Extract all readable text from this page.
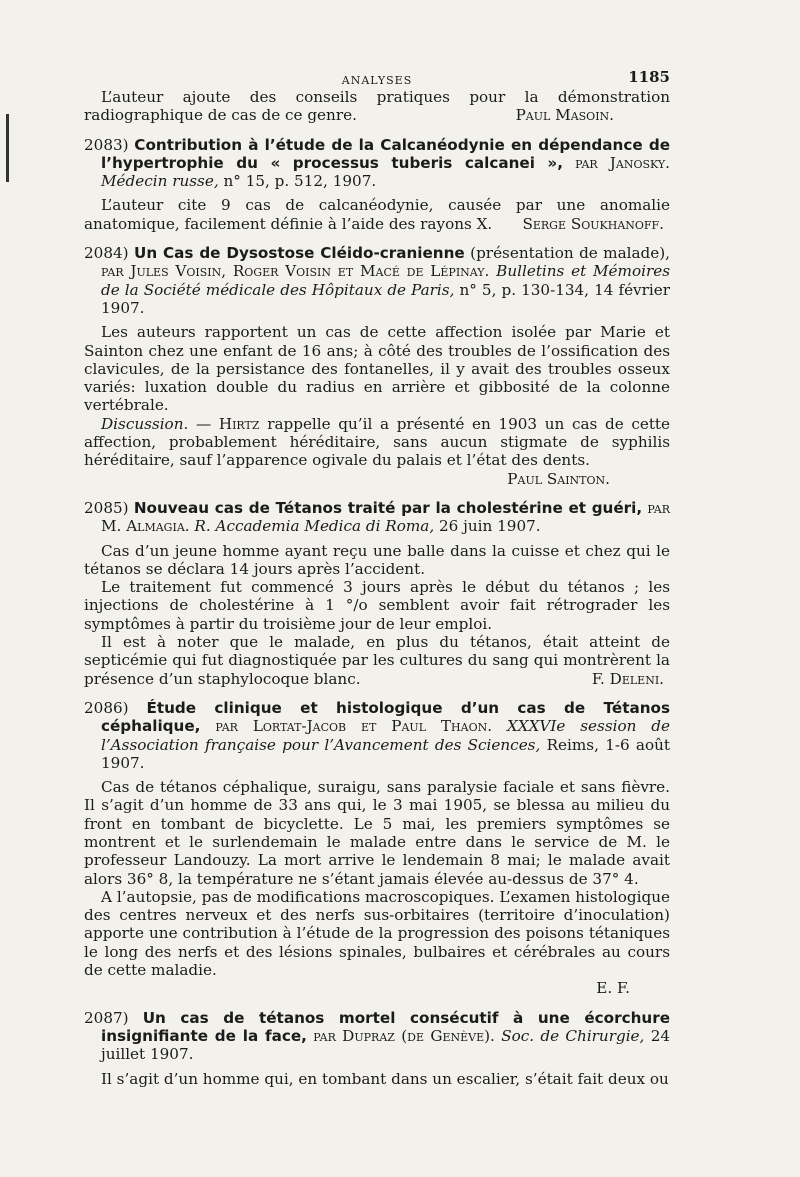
ANALYSES	1185

L’auteur ajoute des conseils pratiques pour la démonstration radiographique de cas de ce genre.	Paul Masoin.

2083) Contribution à l’étude de la Calcanéodynie en dépendance de l’hypertrophie du « processus tuberis calcanei », par Janosky. Médecin russe, n° 15, p. 512, 1907.

L’auteur cite 9 cas de calcanéodynie, causée par une anomalie anatomique, facilement définie à l’aide des rayons X.	Serge Soukhanoff.

2084) Un Cas de Dysostose Cléido-cranienne (présentation de malade), par Jules Voisin, Roger Voisin et Macé de Lépinay. Bulletins et Mémoires de la Société médicale des Hôpitaux de Paris, n° 5, p. 130-134, 14 février 1907.

Les auteurs rapportent un cas de cette affection isolée par Marie et Sainton chez une enfant de 16 ans; à côté des troubles de l’ossification des clavicules, de la persistance des fontanelles, il y avait des troubles osseux variés: luxation double du radius en arrière et gibbosité de la colonne vertébrale.

Discussion. — Hirtz rappelle qu’il a présenté en 1903 un cas de cette affection, probablement héréditaire, sans aucun stigmate de syphilis héréditaire, sauf l’apparence ogivale du palais et l’état des dents.

Paul Sainton.

2085) Nouveau cas de Tétanos traité par la cholestérine et guéri, par M. Almagia. R. Accademia Medica di Roma, 26 juin 1907.

Cas d’un jeune homme ayant reçu une balle dans la cuisse et chez qui le tétanos se déclara 14 jours après l’accident.

Le traitement fut commencé 3 jours après le début du tétanos ; les injections de cholestérine à 1 °/o semblent avoir fait rétrograder les symptômes à partir du troisième jour de leur emploi.

Il est à noter que le malade, en plus du tétanos, était atteint de septicémie qui fut diagnostiquée par les cultures du sang qui montrèrent la présence d’un staphylocoque blanc.	F. Deleni.

2086) Étude clinique et histologique d’un cas de Tétanos céphalique, par Lortat-Jacob et Paul Thaon. XXXVIe session de l’Association française pour l’Avancement des Sciences, Reims, 1-6 août 1907.

Cas de tétanos céphalique, suraigu, sans paralysie faciale et sans fièvre. Il s’agit d’un homme de 33 ans qui, le 3 mai 1905, se blessa au milieu du front en tombant de bicyclette. Le 5 mai, les premiers symptômes se montrent et le surlendemain le malade entre dans le service de M. le professeur Landouzy. La mort arrive le lendemain 8 mai; le malade avait alors 36° 8, la température ne s’étant jamais élevée au-dessus de 37° 4.

A l’autopsie, pas de modifications macroscopiques. L’examen histologique des centres nerveux et des nerfs sus-orbitaires (territoire d’inoculation) apporte une contribution à l’étude de la progression des poisons tétaniques le long des nerfs et des lésions spinales, bulbaires et cérébrales au cours de cette maladie.

E. F.

2087) Un cas de tétanos mortel consécutif à une écorchure insignifiante de la face, par Dupraz (de Genève). Soc. de Chirurgie, 24 juillet 1907.

Il s’agit d’un homme qui, en tombant dans un escalier, s’était fait deux ou
